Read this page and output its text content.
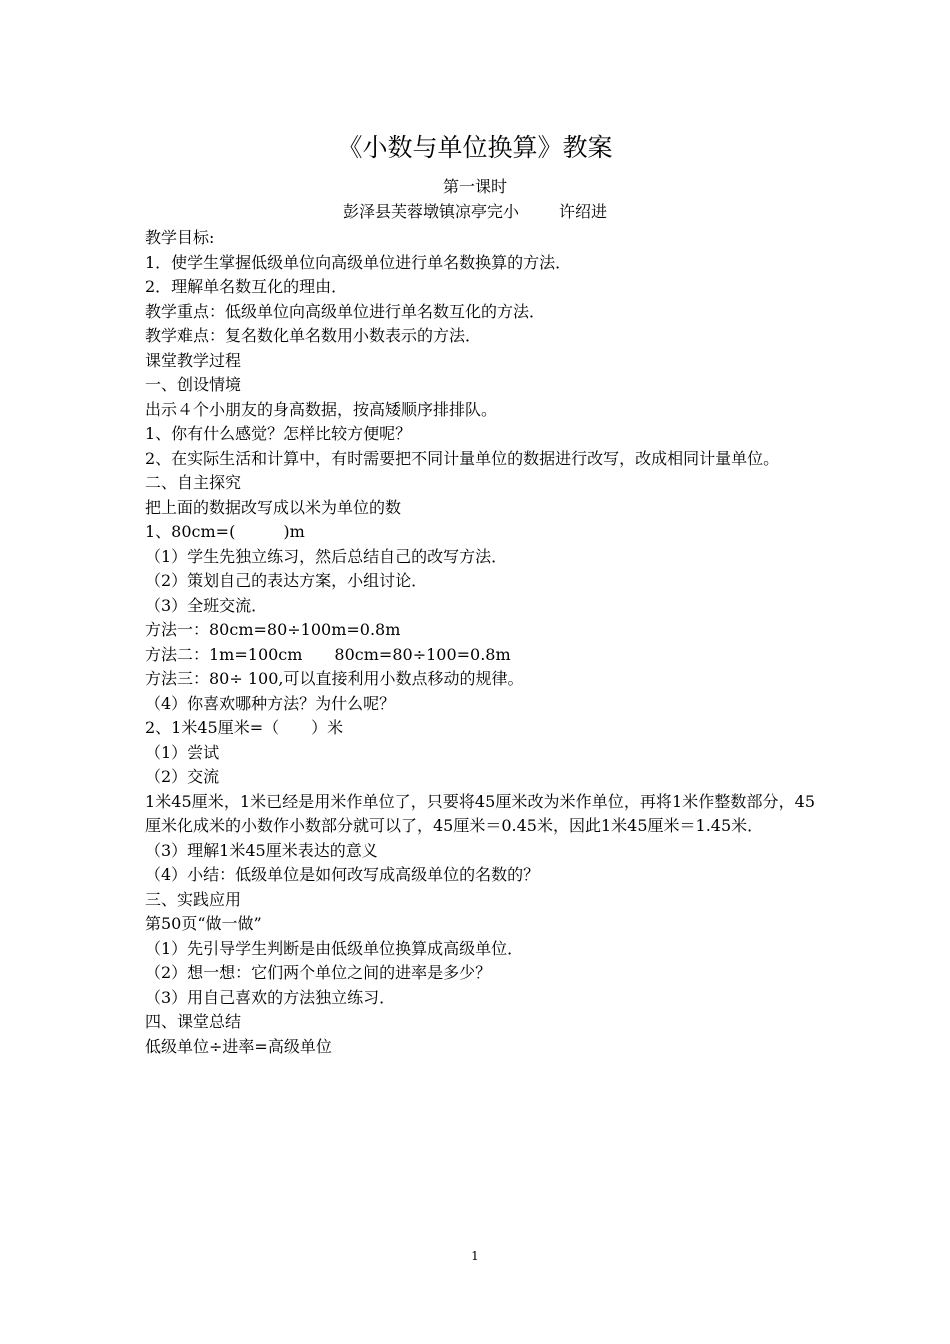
《小数与单位换算》教案
第一课时
彭泽县芙蓉墩镇凉亭完小	许绍进
教学目标:
1．使学生掌握低级单位向高级单位进行单名数换算的方法．
2．理解单名数互化的理由．
教学重点：低级单位向高级单位进行单名数互化的方法．
教学难点：复名数化单名数用小数表示的方法．
课堂教学过程
一、创设情境
出示４个小朋友的身高数据，按高矮顺序排排队。
1、你有什么感觉？怎样比较方便呢？
2、在实际生活和计算中，有时需要把不同计量单位的数据进行改写，改成相同计量单位。
二、自主探究
把上面的数据改写成以米为单位的数
1、80cm=(　　　)m
（1）学生先独立练习，然后总结自己的改写方法．
（2）策划自己的表达方案，小组讨论．
（3）全班交流．
方法一：80cm=80÷100m=0.8m
方法二：1m=100cm　　80cm=80÷100=0.8m
方法三：80÷ 100,可以直接利用小数点移动的规律。
（4）你喜欢哪种方法？为什么呢？
2、1米45厘米=（　　）米
（1）尝试
（2）交流
1米45厘米，1米已经是用米作单位了，只要将45厘米改为米作单位，再将1米作整数部分，45厘米化成米的小数作小数部分就可以了，45厘米＝0.45米，因此1米45厘米＝1.45米．
（3）理解1米45厘米表达的意义
（4）小结：低级单位是如何改写成高级单位的名数的？
三、实践应用
第50页“做一做”
（1）先引导学生判断是由低级单位换算成高级单位．
（2）想一想：它们两个单位之间的进率是多少？
（3）用自己喜欢的方法独立练习．
四、课堂总结
低级单位÷进率=高级单位
1
